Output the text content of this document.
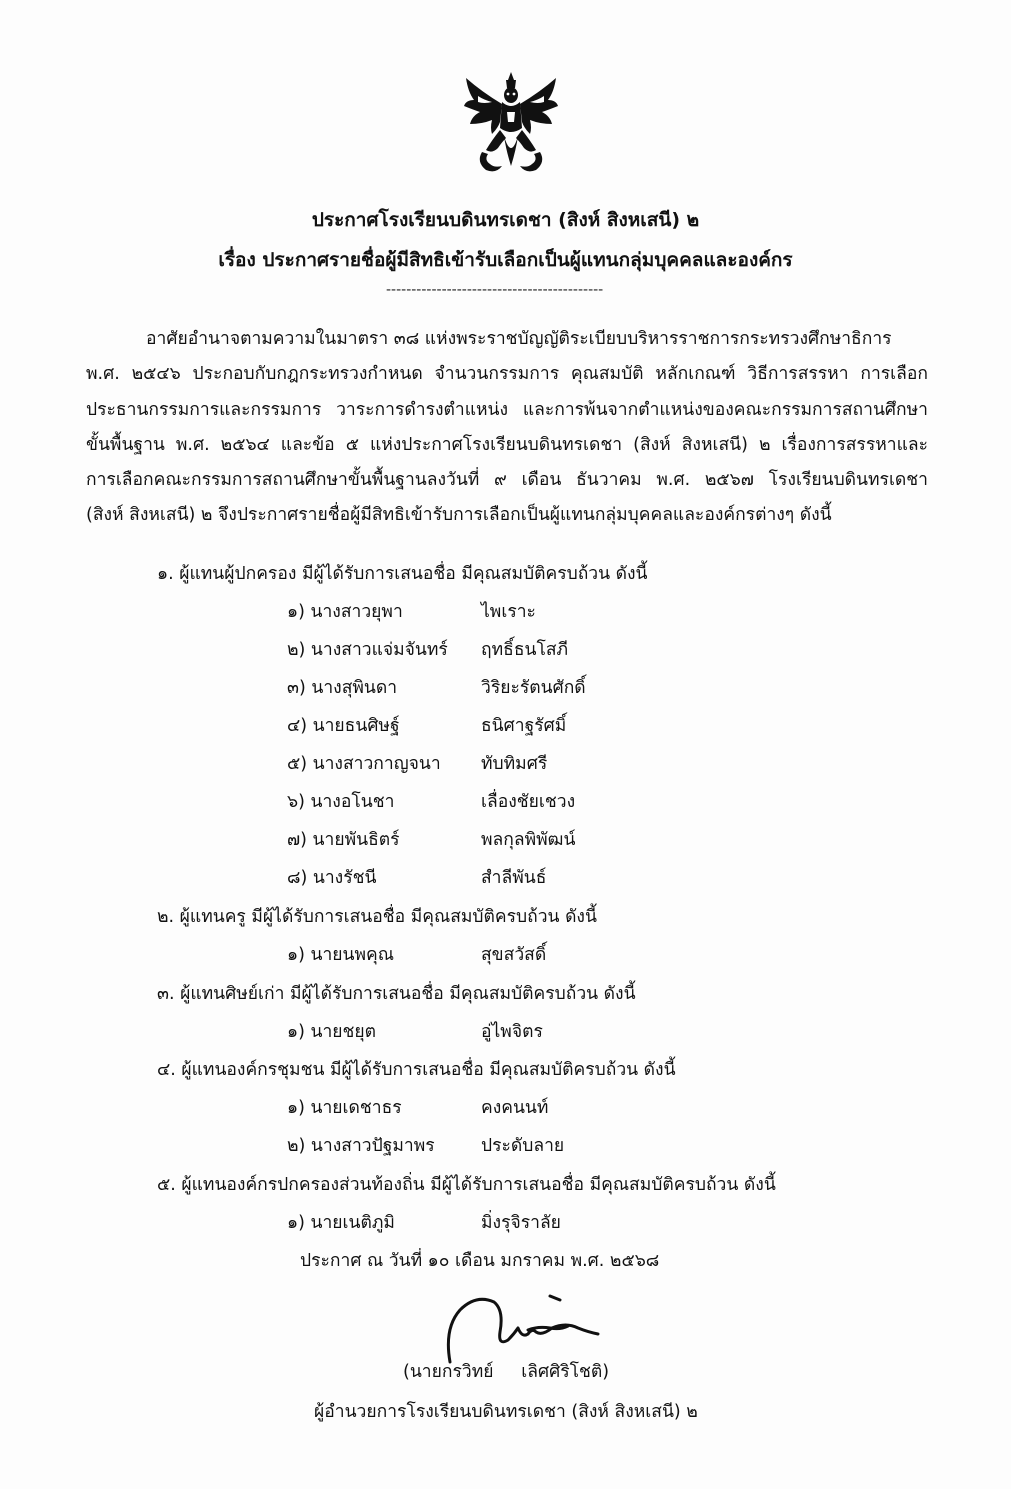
ประกาศโรงเรียนบดินทรเดชา (สิงห์ สิงหเสนี) ๒
เรื่อง ประกาศรายชื่อผู้มีสิทธิเข้ารับเลือกเป็นผู้แทนกลุ่มบุคคลและองค์กร
-------------------------------------------
อาศัยอำนาจตามความในมาตรา ๓๘ แห่งพระราชบัญญัติระเบียบบริหารราชการกระทรวงศึกษาธิการ
พ.ศ. ๒๕๔๖ ประกอบกับกฎกระทรวงกำหนด จำนวนกรรมการ คุณสมบัติ หลักเกณฑ์ วิธีการสรรหา การเลือก
ประธานกรรมการและกรรมการ วาระการดำรงตำแหน่ง และการพ้นจากตำแหน่งของคณะกรรมการสถานศึกษา
ขั้นพื้นฐาน พ.ศ. ๒๕๖๔ และข้อ ๕ แห่งประกาศโรงเรียนบดินทรเดชา (สิงห์ สิงหเสนี) ๒ เรื่องการสรรหาและ
การเลือกคณะกรรมการสถานศึกษาขั้นพื้นฐานลงวันที่ ๙ เดือน ธันวาคม พ.ศ. ๒๕๖๗ โรงเรียนบดินทรเดชา
(สิงห์ สิงหเสนี) ๒ จึงประกาศรายชื่อผู้มีสิทธิเข้ารับการเลือกเป็นผู้แทนกลุ่มบุคคลและองค์กรต่างๆ ดังนี้
๑. ผู้แทนผู้ปกครอง มีผู้ได้รับการเสนอชื่อ มีคุณสมบัติครบถ้วน ดังนี้
๑) นางสาวยุพา	ไพเราะ
๒) นางสาวแจ่มจันทร์ ฤทธิ์ธนโสภี
๓) นางสุพินดา	วิริยะรัตนศักดิ์
๔) นายธนศิษฐ์	ธนิศาฐรัศมิ์
๕) นางสาวกาญจนา ทับทิมศรี
๖) นางอโนชา	เลื่องชัยเชวง
๗) นายพันธิตร์	พลกุลพิพัฒน์
๘) นางรัชนี	สำลีพันธ์
๒. ผู้แทนครู มีผู้ได้รับการเสนอชื่อ มีคุณสมบัติครบถ้วน ดังนี้
๑) นายนพคุณ	สุขสวัสดิ์
๓. ผู้แทนศิษย์เก่า มีผู้ได้รับการเสนอชื่อ มีคุณสมบัติครบถ้วน ดังนี้
๑) นายชยุต	อู่ไพจิตร
๔. ผู้แทนองค์กรชุมชน มีผู้ได้รับการเสนอชื่อ มีคุณสมบัติครบถ้วน ดังนี้
๑) นายเดชาธร	คงคนนท์
๒) นางสาวปัฐมาพร	ประดับลาย
๕. ผู้แทนองค์กรปกครองส่วนท้องถิ่น มีผู้ได้รับการเสนอชื่อ มีคุณสมบัติครบถ้วน ดังนี้
๑) นายเนติภูมิ	มิ่งรุจิราลัย
ประกาศ ณ วันที่ ๑๐ เดือน มกราคม พ.ศ. ๒๕๖๘
(นายกรวิทย์     เลิศศิริโชติ)
ผู้อำนวยการโรงเรียนบดินทรเดชา (สิงห์ สิงหเสนี) ๒
